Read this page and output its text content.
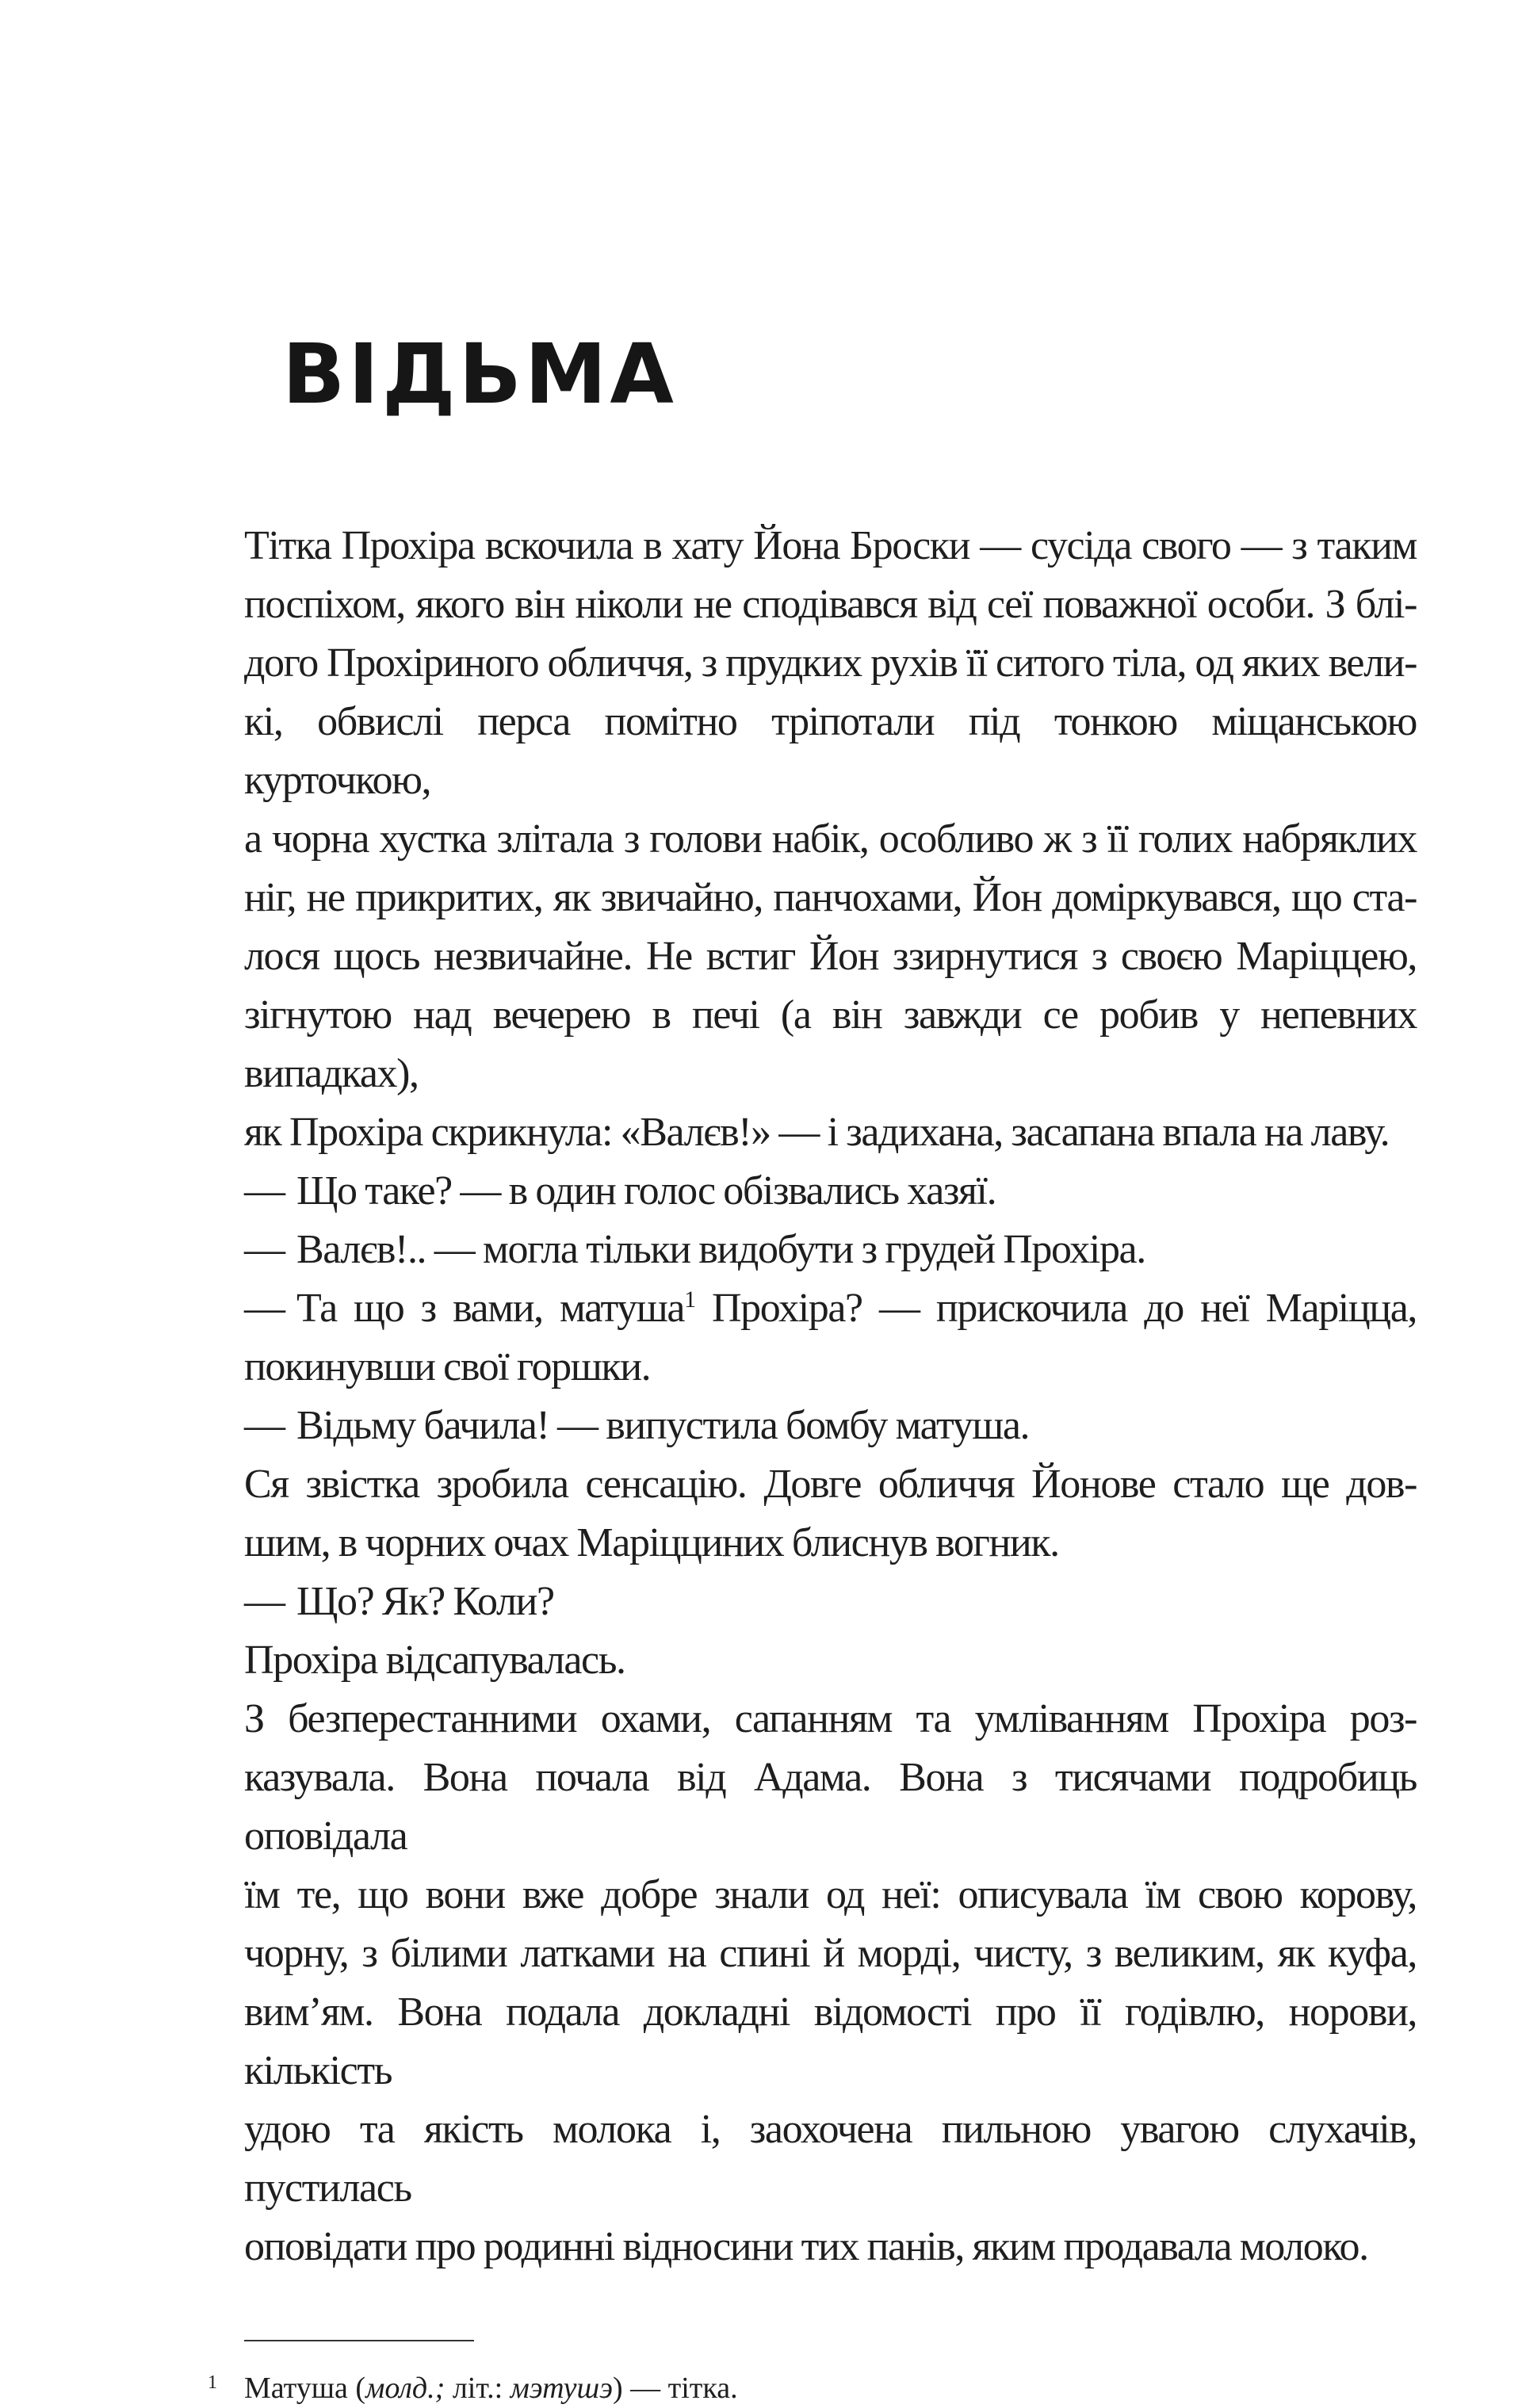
ВІДЬМА
Тітка Прохіра вскочила в хату Йона Броски — сусіда свого — з таким
поспіхом, якого він ніколи не сподівався від сеї поважної особи. З блі-
дого Прохіриного обличчя, з прудких рухів її ситого тіла, од яких вели-
кі, обвислі перса помітно тріпотали під тонкою міщанською курточкою,
а чорна хустка злітала з голови набік, особливо ж з її голих набряклих
ніг, не прикритих, як звичайно, панчохами, Йон доміркувався, що ста-
лося щось незвичайне. Не встиг Йон ззирнутися з своєю Маріццею,
зігнутою над вечерею в печі (а він завжди се робив у непевних випадках),
як Прохіра скрикнула: «Валєв!» — і задихана, засапана впала на лаву.
— Що таке? — в один голос обізвались хазяї.
— Валєв!.. — могла тільки видобути з грудей Прохіра.
— Та що з вами, матуша$^1$ Прохіра? — прискочила до неї Маріцца,
покинувши свої горшки.
— Відьму бачила! — випустила бомбу матуша.
Ся звістка зробила сенсацію. Довге обличчя Йонове стало ще дов-
шим, в чорних очах Маріцциних блиснув вогник.
— Що? Як? Коли?
Прохіра відсапувалась.
З безперестанними охами, сапанням та умліванням Прохіра роз-
казувала. Вона почала від Адама. Вона з тисячами подробиць оповідала
їм те, що вони вже добре знали од неї: описувала їм свою корову,
чорну, з білими латками на спині й морді, чисту, з великим, як куфа,
вим’ям. Вона подала докладні відомості про її годівлю, норови, кількість
удою та якість молока і, заохочена пильною увагою слухачів, пустилась
оповідати про родинні відносини тих панів, яким продавала молоко.
1 Матуша (молд.; літ.: мэтушэ) — тітка.
